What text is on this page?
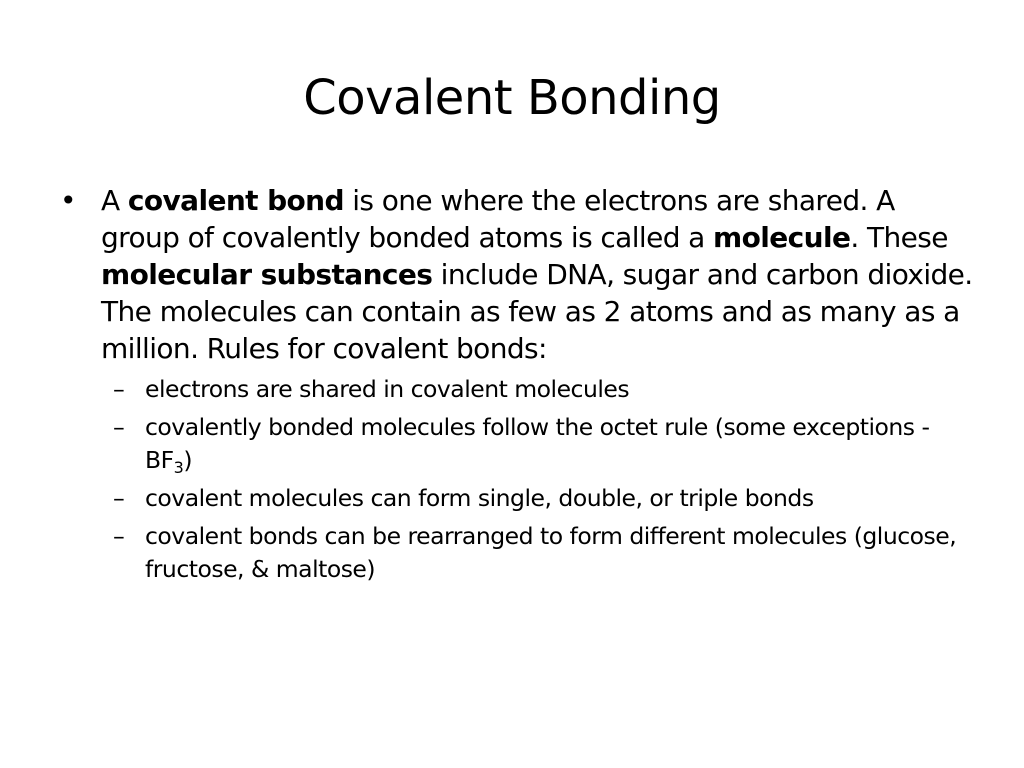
Covalent Bonding
• A covalent bond is one where the electrons are shared. A group of covalently bonded atoms is called a molecule. These molecular substances include DNA, sugar and carbon dioxide. The molecules can contain as few as 2 atoms and as many as a million. Rules for covalent bonds:
– electrons are shared in covalent molecules
– covalently bonded molecules follow the octet rule (some exceptions - $BF_3$)
– covalent molecules can form single, double, or triple bonds
– covalent bonds can be rearranged to form different molecules (glucose, fructose, & maltose)
